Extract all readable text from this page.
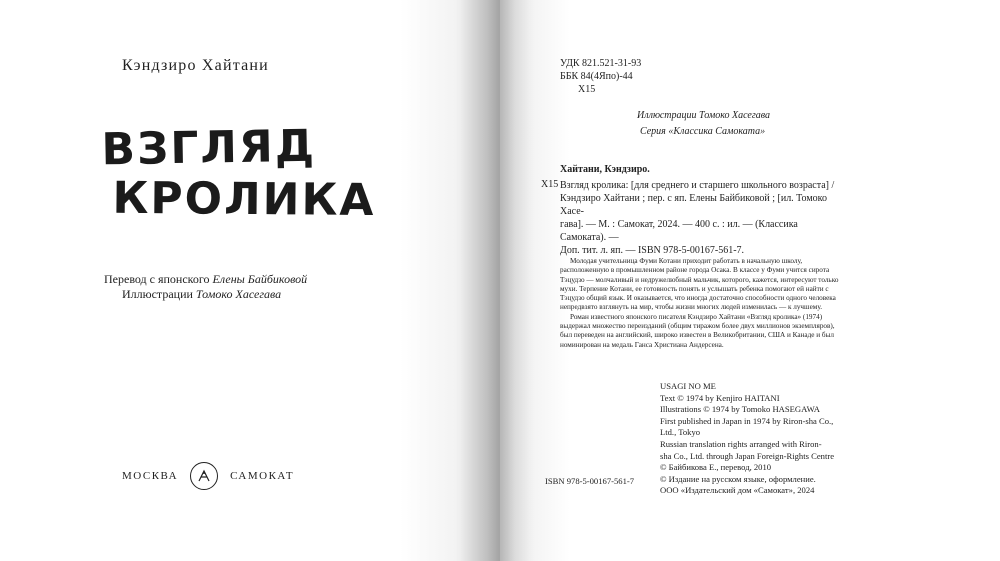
Кэндзиро Хайтани
ВЗГЛЯД
КРОЛИКА
Перевод с японского Елены Байбиковой
Иллюстрации Томоко Хасегава
МОСКВА	САМОКАТ
УДК 821.521-31-93
ББК 84(4Япо)-44
Х15
Иллюстрации Томоко Хасегава
Серия «Классика Самоката»
Хайтани, Кэндзиро.
Х15 Взгляд кролика: [для среднего и старшего школьного возраста] /
Кэндзиро Хайтани ; пер. с яп. Елены Байбиковой ; [ил. Томоко Хасе-
гава]. — М. : Самокат, 2024. — 400 с. : ил. — (Классика Самоката). —
Доп. тит. л. яп. — ISBN 978-5-00167-561-7.

Молодая учительница Фуми Котани приходит работать в начальную школу, расположенную в промышленном районе города Осака. В классе у Фуми учится сирота Тэцудзо — молчаливый и недружелюбный мальчик, которого, кажется, интересуют только мухи. Терпение Котани, ее готовность понять и услышать ребенка помогают ей найти с Тэцудзо общий язык. И оказывается, что иногда достаточно способности одного человека непредвзято взглянуть на мир, чтобы жизни многих людей изменилась — к лучшему.

Роман известного японского писателя Кэндзиро Хайтани «Взгляд кролика» (1974) выдержал множество переизданий (общим тиражом более двух миллионов экземпляров), был переведен на английский, широко известен в Великобритании, США и Канаде и был номинирован на медаль Ганса Христиана Андерсена.

USAGI NO ME
Text © 1974 by Kenjiro HAITANI
Illustrations © 1974 by Tomoko HASEGAWA
First published in Japan in 1974 by Riron-sha Co.,
Ltd., Tokyo
Russian translation rights arranged with Riron-
sha Co., Ltd. through Japan Foreign-Rights Centre
© Байбикова Е., перевод, 2010
© Издание на русском языке, оформление.
ООО «Издательский дом «Самокат», 2024
ISBN 978-5-00167-561-7
